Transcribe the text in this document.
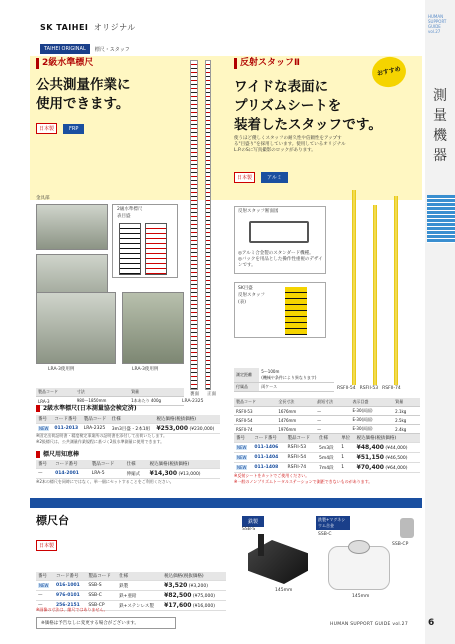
SK TAIHEI オリジナル
TAIHEI ORIGINAL	標尺・スタッフ
HUMAN SUPPORT GUIDE vol.27
測
量
機
器
2級水準標尺
公共測量作業に
使用できます。
日本製	FRP
裏面 正面
LRA-2325
金具部
2級水準標尺
表目盛
LRA-3使用例	LRA-3使用例
製品コード	寸法	質量
LRA-3	980〜1850mm	1本あたり 400g
2級水準標尺(日本測量協会検定済)
番号	コード番号	製品コード	仕様	税込価格(税抜価格)
NEW	011-2013	LRA-2325	3m3目盛・2本1組	¥253,000 (¥230,000)
※固定出荷証明書・精度検定事業所の証明書を添付して出荷いたします。
※2級標尺は、公共測量作業規程に基づく2級水準測量に使用できます。
標尺用知恵棒
番号	コード番号	製品コード	仕様	税込価格(税抜価格)
—	014-2001	LRA-5	伸縮式	¥14,300 (¥13,000)
※2本の標尺を同時にではなく、単一個にセットすることをご利用ください。
反射スタッフⅡ
おすすめ
ワイドな表面に
プリズムシートを
装着したスタッフです。
使うほど優しくスタッフの耐久性や信頼性をアップする"目盛り"を採用しています。使用しているオリジナルL.P.のSに写真撮影のロックがあります。
日本製	アルミ
RSFII-54 RSFII-53 RSFII-74
反射スタッフ断面図
◎アルミ合金製のスタンダード機種。
◎バックを用品とした操作性重視のデザインです。
SK目盛
反射スタッフ
(表)
測定距離	5〜100m
(機械や条件により異なります)

付属品	両ケース
製品コード	全長寸法	最短寸法	表示目盛	質量
RSFII-53	1676mm	—	E-30(両面)	2.1kg
RSFII-54	1476mm	—	E-30(両面)	2.5kg
RSFII-74	1976mm	—	E-30(両面)	2.4kg
番号	コード番号	製品コード	仕様	単位	税込価格(税抜価格)
NEW	011-1406	RSFII-53	5m3段	1	¥48,400 (¥44,000)
NEW	011-1404	RSFII-54	5m4段	1	¥51,150 (¥46,500)
NEW	011-1408	RSFII-74	7m4段	1	¥70,400 (¥64,000)
※反射シートをカットでご使用ください。
※一般のノンプリズムトータルステーションで測距できないものがあります。
標尺台
標尺台
日本製
鉄製
SSB-S
鉄製+マグネシウム合金
SSB-C
SSB-CP
145mm
145mm
番号	コード番号	製品コード	仕様	税込価格(税抜価格)
NEW	016-1001	SSB-S	鉄製	¥3,520 (¥3,200)
—	976-0101	SSB-C	鉄+亜鉛	¥82,500 (¥75,000)
—	256-2151	SSB-CP	鉄+ステンレス製	¥17,600 (¥16,000)
※画像の寸法は、縮尺ではありません。
※価格は予告なしに変更する場合がございます。	HUMAN SUPPORT GUIDE vol.27 6
